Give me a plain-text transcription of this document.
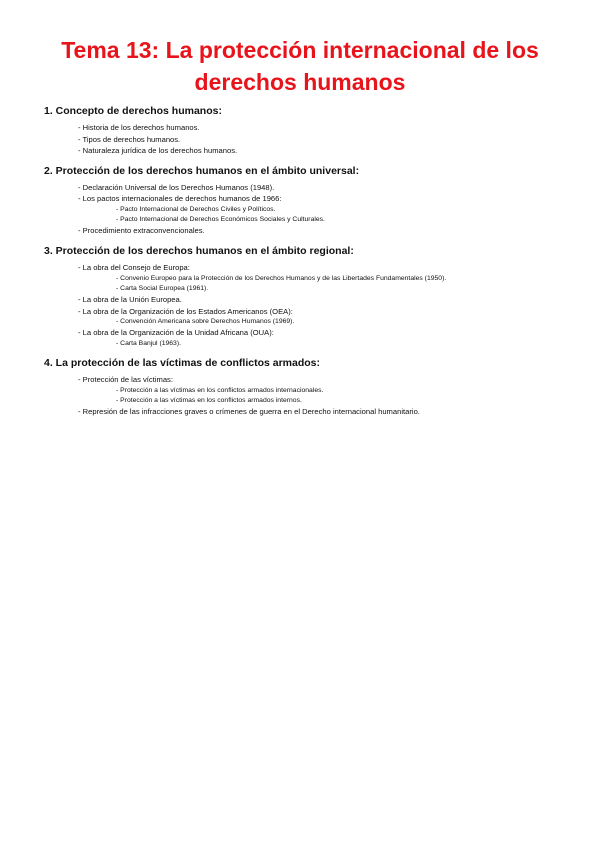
Tema 13: La protección internacional de los derechos humanos
1. Concepto de derechos humanos:
- Historia de los derechos humanos.
- Tipos de derechos humanos.
- Naturaleza jurídica de los derechos humanos.
2. Protección de los derechos humanos en el ámbito universal:
- Declaración Universal de los Derechos Humanos (1948).
- Los pactos internacionales de derechos humanos de 1966:
- Pacto Internacional de Derechos Civiles y Políticos.
- Pacto Internacional de Derechos Económicos Sociales y Culturales.
- Procedimiento extraconvencionales.
3. Protección de los derechos humanos en el ámbito regional:
- La obra del Consejo de Europa:
- Convenio Europeo para la Protección de los Derechos Humanos y de las Libertades Fundamentales (1950).
- Carta Social Europea (1961).
- La obra de la Unión Europea.
- La obra de la Organización de los Estados Americanos (OEA):
- Convención Americana sobre Derechos Humanos (1969).
- La obra de la Organización de la Unidad Africana (OUA):
- Carta Banjul (1963).
4. La protección de las víctimas de conflictos armados:
- Protección de las víctimas:
- Protección a las víctimas en los conflictos armados internacionales.
- Protección a las víctimas en los conflictos armados internos.
- Represión de las infracciones graves o crímenes de guerra en el Derecho internacional humanitario.
